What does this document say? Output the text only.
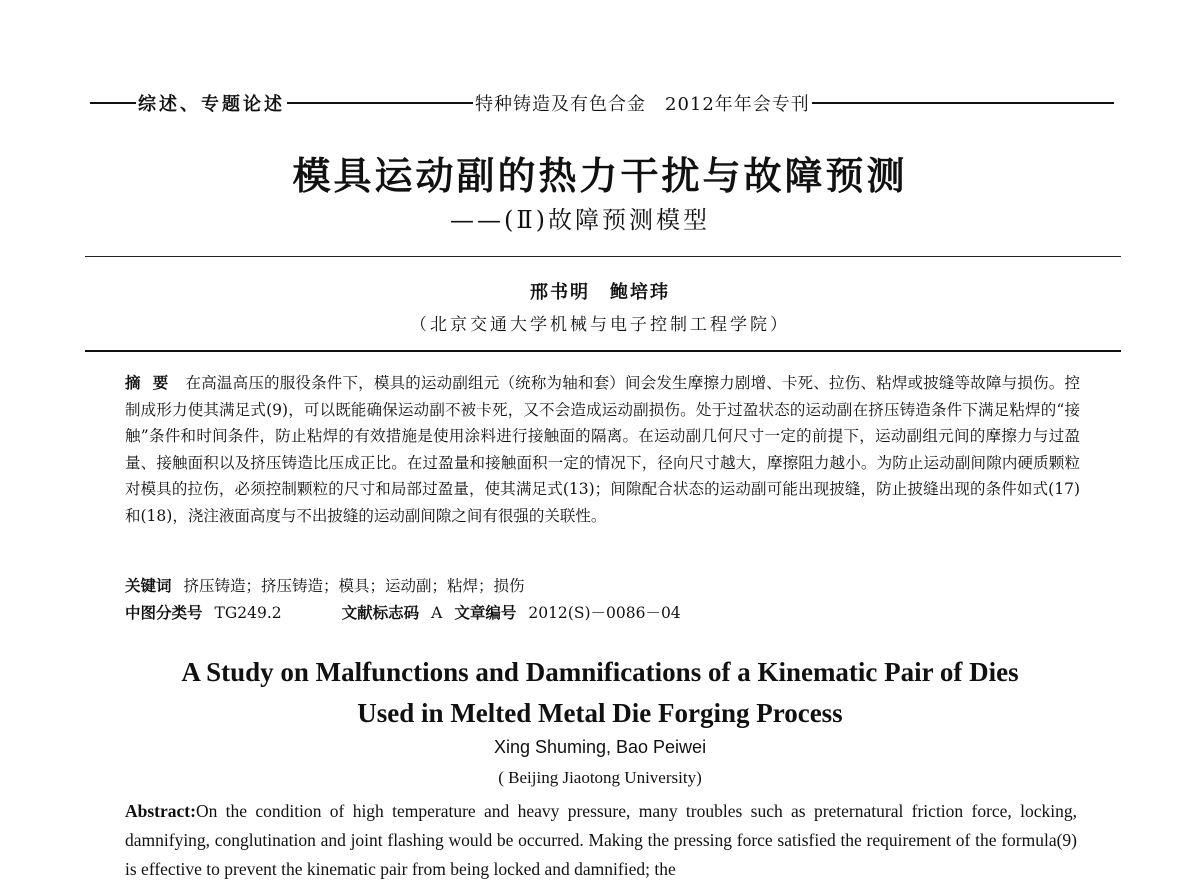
综述、专题论述	特种铸造及有色合金　2012年年会专刊
模具运动副的热力干扰与故障预测
——(Ⅱ)故障预测模型
邢书明　鲍培玮
（北京交通大学机械与电子控制工程学院）
摘要 在高温高压的服役条件下，模具的运动副组元（统称为轴和套）间会发生摩擦力剧增、卡死、拉伤、粘焊或披缝等故障与损伤。控制成形力使其满足式(9)，可以既能确保运动副不被卡死，又不会造成运动副损伤。处于过盈状态的运动副在挤压铸造条件下满足粘焊的“接触”条件和时间条件，防止粘焊的有效措施是使用涂料进行接触面的隔离。在运动副几何尺寸一定的前提下，运动副组元间的摩擦力与过盈量、接触面积以及挤压铸造比压成正比。在过盈量和接触面积一定的情况下，径向尺寸越大，摩擦阻力越小。为防止运动副间隙内硬质颗粒对模具的拉伤，必须控制颗粒的尺寸和局部过盈量，使其满足式(13)；间隙配合状态的运动副可能出现披缝，防止披缝出现的条件如式(17)和(18)，浇注液面高度与不出披缝的运动副间隙之间有很强的关联性。
关键词 挤压铸造；挤压铸造；模具；运动副；粘焊；损伤
中图分类号 TG249.2	文献标志码 A 文章编号 2012(S)－0086－04
A Study on Malfunctions and Damnifications of a Kinematic Pair of Dies
Used in Melted Metal Die Forging Process
Xing Shuming, Bao Peiwei
( Beijing Jiaotong University)
Abstract:On the condition of high temperature and heavy pressure, many troubles such as preternatural friction force, locking, damnifying, conglutination and joint flashing would be occurred. Making the pressing force satisfied the requirement of the formula(9) is effective to prevent the kinematic pair from being locked and damnified; the
